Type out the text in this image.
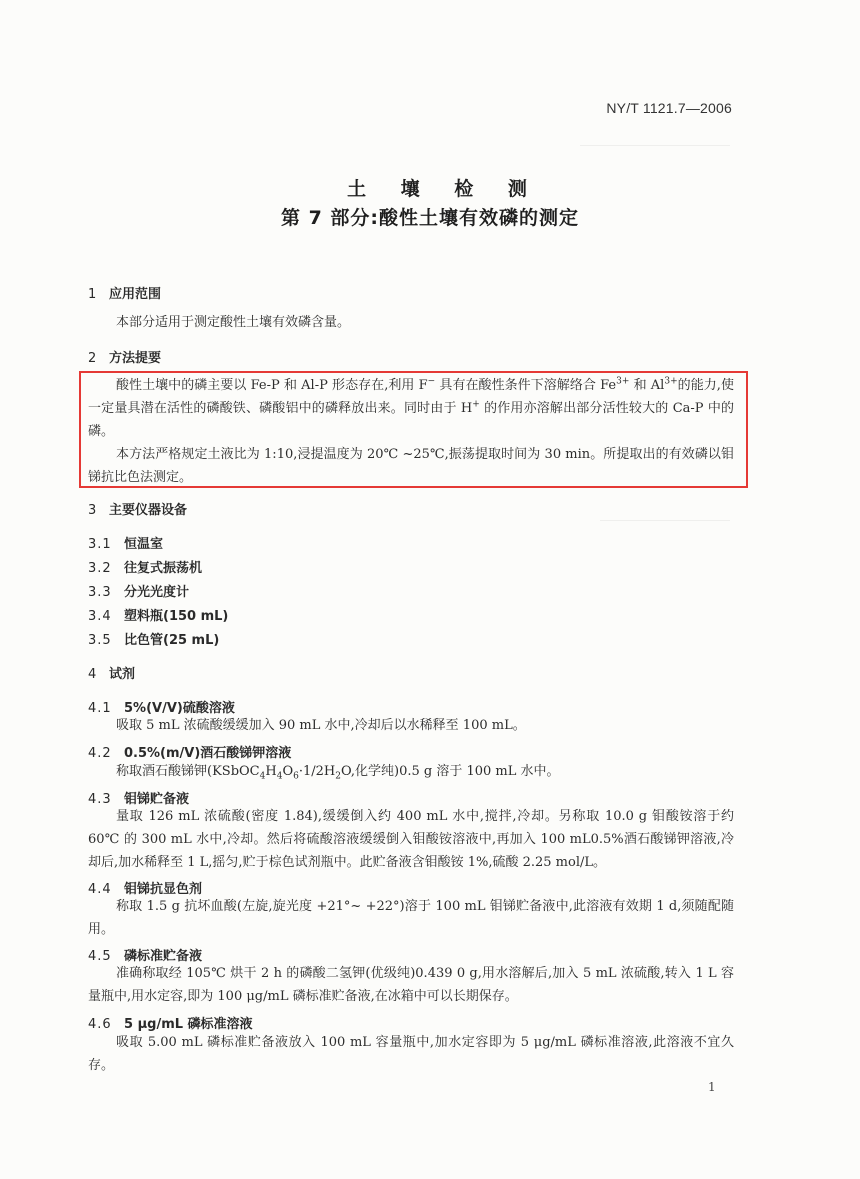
NY/T 1121.7—2006
土 壤 检 测
第 7 部分:酸性土壤有效磷的测定
1 应用范围
本部分适用于测定酸性土壤有效磷含量。
2 方法提要
酸性土壤中的磷主要以 Fe-P 和 Al-P 形态存在,利用 F− 具有在酸性条件下溶解络合 $Fe^{3+}$ 和 $Al^{3+}$的能力,使一定量具潜在活性的磷酸铁、磷酸铝中的磷释放出来。同时由于 H+ 的作用亦溶解出部分活性较大的 Ca-P 中的磷。
本方法严格规定土液比为 1:10,浸提温度为 20℃ ~25℃,振荡提取时间为 30 min。所提取出的有效磷以钼锑抗比色法测定。
3 主要仪器设备
3.1 恒温室
3.2 往复式振荡机
3.3 分光光度计
3.4 塑料瓶(150 mL)
3.5 比色管(25 mL)
4 试剂
4.1 5%(V/V)硫酸溶液
吸取 5 mL 浓硫酸缓缓加入 90 mL 水中,冷却后以水稀释至 100 mL。
4.2 0.5%(m/V)酒石酸锑钾溶液
称取酒石酸锑钾($KSbOC_4H_4O_6\cdot 1/2H_2O$,化学纯)0.5 g 溶于 100 mL 水中。
4.3 钼锑贮备液
量取 126 mL 浓硫酸(密度 1.84),缓缓倒入约 400 mL 水中,搅拌,冷却。另称取 10.0 g 钼酸铵溶于约 60℃ 的 300 mL 水中,冷却。然后将硫酸溶液缓缓倒入钼酸铵溶液中,再加入 100 mL0.5%酒石酸锑钾溶液,冷却后,加水稀释至 1 L,摇匀,贮于棕色试剂瓶中。此贮备液含钼酸铵 1%,硫酸 2.25 mol/L。
4.4 钼锑抗显色剂
称取 1.5 g 抗坏血酸(左旋,旋光度 +21°~ +22°)溶于 100 mL 钼锑贮备液中,此溶液有效期 1 d,须随配随用。
4.5 磷标准贮备液
准确称取经 105℃ 烘干 2 h 的磷酸二氢钾(优级纯)0.439 0 g,用水溶解后,加入 5 mL 浓硫酸,转入 1 L 容量瓶中,用水定容,即为 100 μg/mL 磷标准贮备液,在冰箱中可以长期保存。
4.6 5 μg/mL 磷标准溶液
吸取 5.00 mL 磷标准贮备液放入 100 mL 容量瓶中,加水定容即为 5 μg/mL 磷标准溶液,此溶液不宜久存。
1
